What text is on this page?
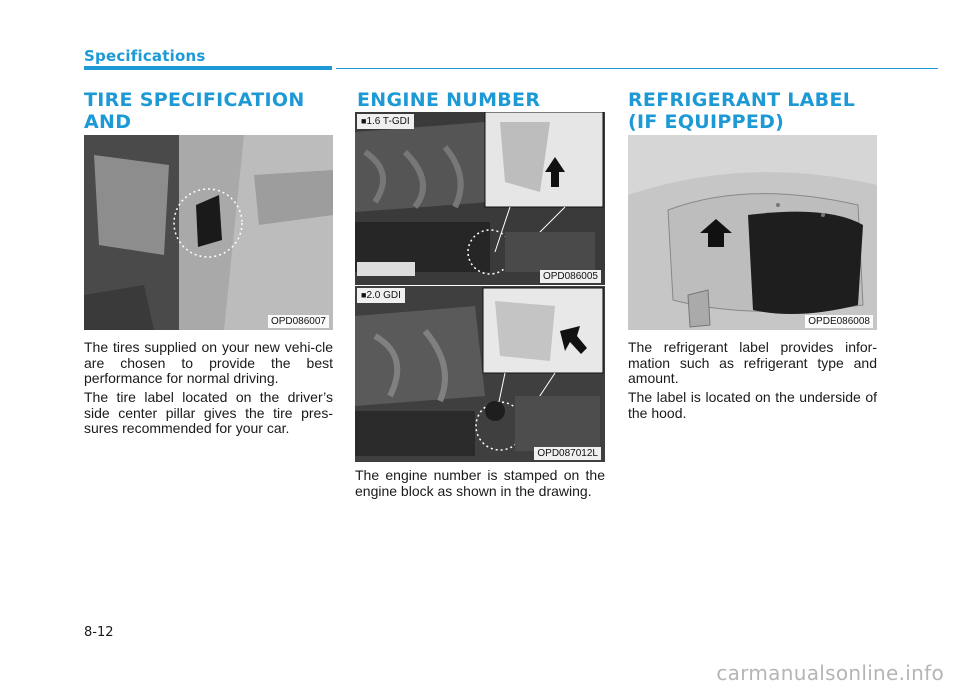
Specifications
TIRE SPECIFICATION AND
OPD086007

The tires supplied on your new vehi-cle are chosen to provide the best performance for normal driving.

The tire label located on the driver’s side center pillar gives the tire pres-sures recommended for your car.

ENGINE NUMBER
■ 1.6 T-GDI
OPD086005
■ 2.0 GDI
OPD087012L

The engine number is stamped on the engine block as shown in the drawing.

REFRIGERANT LABEL
(IF EQUIPPED)
OPDE086008

The refrigerant label provides infor-mation such as refrigerant type and amount.

The label is located on the underside of the hood.

8-12
carmanualsonline.info
